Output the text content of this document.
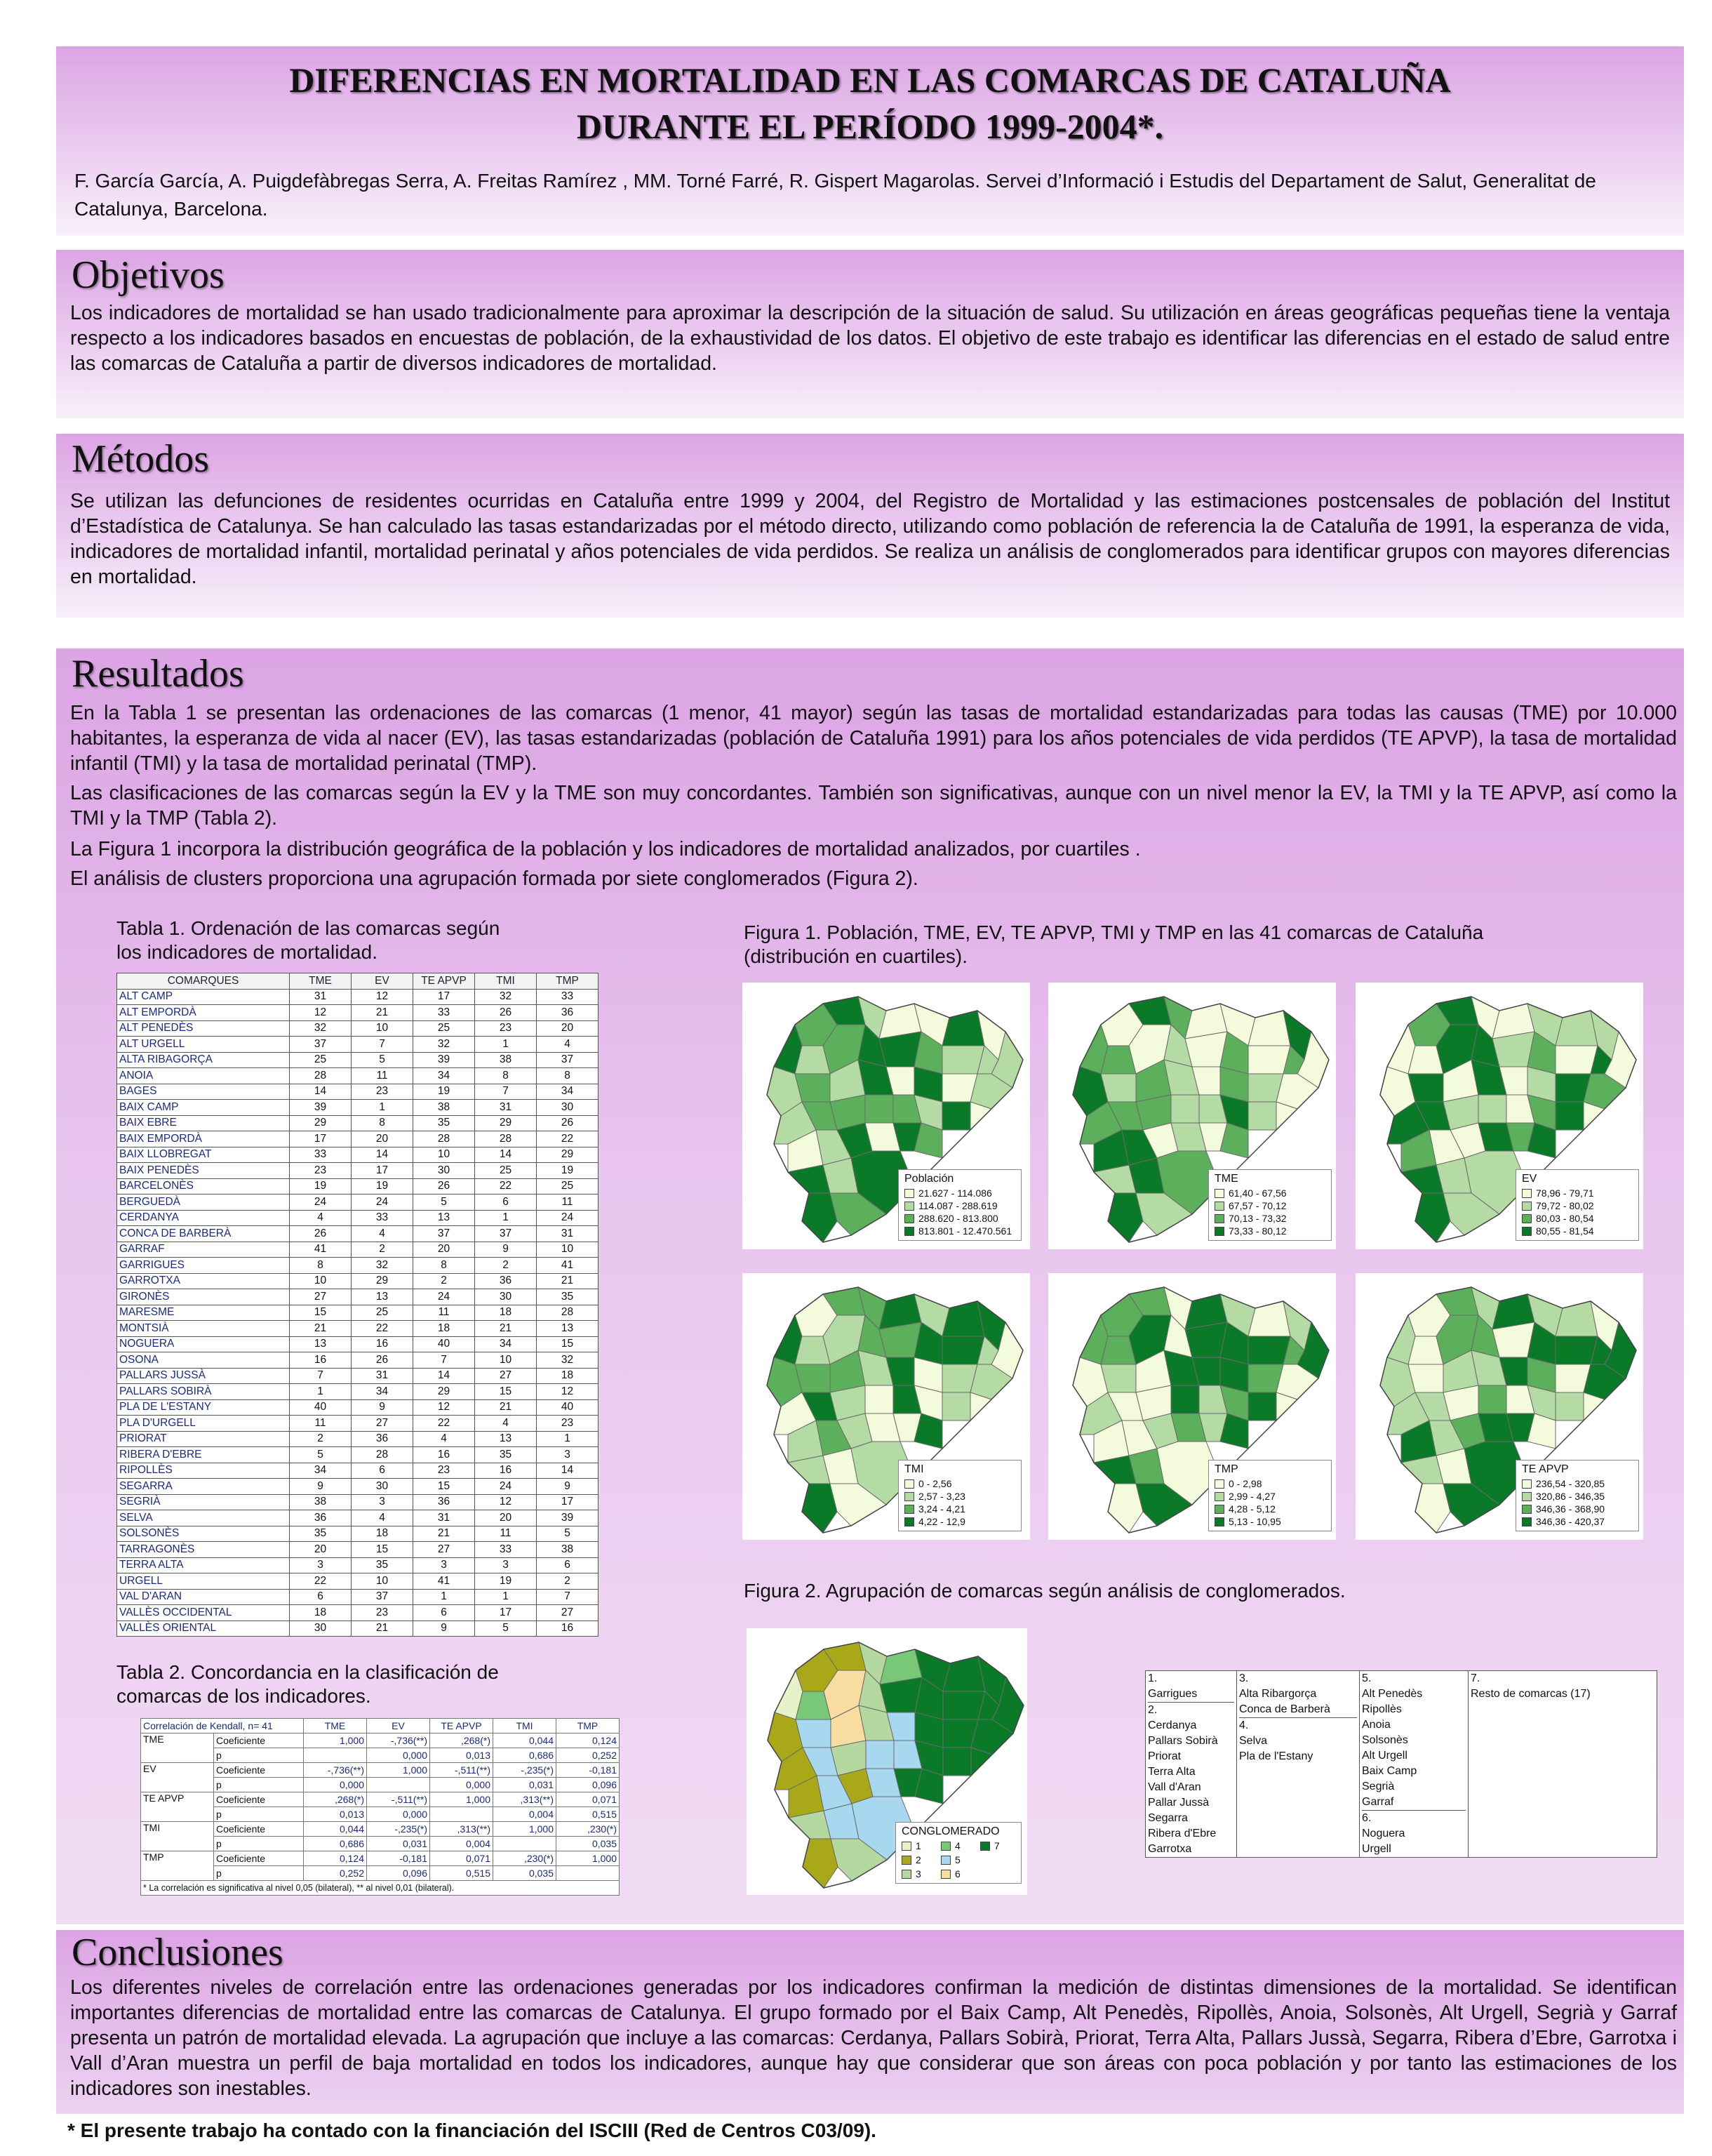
DIFERENCIAS EN MORTALIDAD EN LAS COMARCAS DE CATALUÑA
DURANTE EL PERÍODO 1999-2004*.
F. García García, A. Puigdefàbregas Serra, A. Freitas Ramírez , MM. Torné Farré, R. Gispert Magarolas. Servei d’Informació i Estudis del Departament de Salut, Generalitat de Catalunya, Barcelona.
Objetivos
Los indicadores de mortalidad se han usado tradicionalmente para aproximar la descripción de la situación de salud. Su utilización en áreas geográficas pequeñas tiene la ventaja respecto a los indicadores basados en encuestas de población, de la exhaustividad de los datos. El objetivo de este trabajo es identificar las diferencias en el estado de salud entre las comarcas de Cataluña a partir de diversos indicadores de mortalidad.
Métodos
Se utilizan las defunciones de residentes ocurridas en Cataluña entre 1999 y 2004, del Registro de Mortalidad y las estimaciones postcensales de población del Institut d’Estadística de Catalunya. Se han calculado las tasas estandarizadas por el método directo, utilizando como población de referencia la de Cataluña de 1991, la esperanza de vida, indicadores de mortalidad infantil, mortalidad perinatal y años potenciales de vida perdidos. Se realiza un análisis de conglomerados para identificar grupos con mayores diferencias en mortalidad.
Resultados
En la Tabla 1 se presentan las ordenaciones de las comarcas (1 menor, 41 mayor) según las tasas de mortalidad estandarizadas para todas las causas (TME) por 10.000 habitantes, la esperanza de vida al nacer (EV), las tasas estandarizadas (población de Cataluña 1991) para los años potenciales de vida perdidos (TE APVP), la tasa de mortalidad infantil (TMI) y la tasa de mortalidad perinatal (TMP).
Las clasificaciones de las comarcas según la EV y la TME son muy concordantes. También son significativas, aunque con un nivel menor la EV, la TMI y la TE APVP, así como la TMI y la TMP (Tabla 2).
La Figura 1 incorpora la distribución geográfica de la población y los indicadores de mortalidad analizados, por cuartiles .
El análisis de clusters proporciona una agrupación formada por siete conglomerados (Figura 2).
Tabla 1. Ordenación de las comarcas según
los indicadores de mortalidad.
Figura 1. Población, TME, EV, TE APVP, TMI y TMP en las 41 comarcas de Cataluña
(distribución en cuartiles).
Figura 2. Agrupación de comarcas según análisis de conglomerados.
Tabla 2. Concordancia en la clasificación de
comarcas de los indicadores.
COMARQUES	TME	EV	TE APVP	TMI	TMP
ALT CAMP	31	12	17	32	33
ALT EMPORDÀ	12	21	33	26	36
ALT PENEDÈS	32	10	25	23	20
ALT URGELL	37	7	32	1	4
ALTA RIBAGORÇA	25	5	39	38	37
ANOIA	28	11	34	8	8
BAGES	14	23	19	7	34
BAIX CAMP	39	1	38	31	30
BAIX EBRE	29	8	35	29	26
BAIX EMPORDÀ	17	20	28	28	22
BAIX LLOBREGAT	33	14	10	14	29
BAIX PENEDÈS	23	17	30	25	19
BARCELONÈS	19	19	26	22	25
BERGUEDÀ	24	24	5	6	11
CERDANYA	4	33	13	1	24
CONCA DE BARBERÀ	26	4	37	37	31
GARRAF	41	2	20	9	10
GARRIGUES	8	32	8	2	41
GARROTXA	10	29	2	36	21
GIRONÈS	27	13	24	30	35
MARESME	15	25	11	18	28
MONTSIÀ	21	22	18	21	13
NOGUERA	13	16	40	34	15
OSONA	16	26	7	10	32
PALLARS JUSSÀ	7	31	14	27	18
PALLARS SOBIRÀ	1	34	29	15	12
PLA DE L'ESTANY	40	9	12	21	40
PLA D'URGELL	11	27	22	4	23
PRIORAT	2	36	4	13	1
RIBERA D'EBRE	5	28	16	35	3
RIPOLLÈS	34	6	23	16	14
SEGARRA	9	30	15	24	9
SEGRIÀ	38	3	36	12	17
SELVA	36	4	31	20	39
SOLSONÈS	35	18	21	11	5
TARRAGONÈS	20	15	27	33	38
TERRA ALTA	3	35	3	3	6
URGELL	22	10	41	19	2
VAL D'ARAN	6	37	1	1	7
VALLÈS OCCIDENTAL	18	23	6	17	27
VALLÈS ORIENTAL	30	21	9	5	16
Correlación de Kendall, n= 41		TME	EV	TE APVP	TMI	TMP
TME	Coeficiente	1,000	-,736(**)	,268(*)	0,044	0,124
	p		0,000	0,013	0,686	0,252
EV	Coeficiente	-,736(**)	1,000	-,511(**)	-,235(*)	-0,181
	p	0,000		0,000	0,031	0,096
TE APVP	Coeficiente	,268(*)	-,511(**)	1,000	,313(**)	0,071
	p	0,013	0,000		0,004	0,515
TMI	Coeficiente	0,044	-,235(*)	,313(**)	1,000	,230(*)
	p	0,686	0,031	0,004		0,035
TMP	Coeficiente	0,124	-0,181	0,071	,230(*)	1,000
	p	0,252	0,096	0,515	0,035	
* La correlación es significativa al nivel 0,05 (bilateral), ** al nivel 0,01 (bilateral).						
Población
21.627 - 114.086
114.087 - 288.619
288.620 - 813.800
813.801 - 12.470.561
TME
61,40 - 67,56
67,57 - 70,12
70,13 - 73,32
73,33 - 80,12
EV
78,96 - 79,71
79,72 - 80,02
80,03 - 80,54
80,55 - 81,54
TMI
0 - 2,56
2,57 - 3,23
3,24 - 4,21
4,22 - 12,9
TMP
0 - 2,98
2,99 - 4,27
4,28 - 5,12
5,13 - 10,95
TE APVP
236,54 - 320,85
320,86 - 346,35
346,36 - 368,90
346,36 - 420,37
CONGLOMERADO
1	4	7
2	5
3	6
1.
Garrigues
2.
Cerdanya
Pallars Sobirà
Priorat
Terra Alta
Vall d'Aran
Pallar Jussà
Segarra
Ribera d'Ebre
Garrotxa

3.
Alta Ribargorça
Conca de Barberà
4.
Selva
Pla de l'Estany

5.
Alt Penedès
Ripollès
Anoia
Solsonès
Alt Urgell
Baix Camp
Segrià
Garraf
6.
Noguera
Urgell

7.
Resto de comarcas (17)
Conclusiones
Los diferentes niveles de correlación entre las ordenaciones generadas por los indicadores confirman la medición de distintas dimensiones de la mortalidad. Se identifican importantes diferencias de mortalidad entre las comarcas de Catalunya. El grupo formado por el Baix Camp, Alt Penedès, Ripollès, Anoia, Solsonès, Alt Urgell, Segrià y Garraf presenta un patrón de mortalidad elevada. La agrupación que incluye a las comarcas: Cerdanya, Pallars Sobirà, Priorat, Terra Alta, Pallars Jussà, Segarra, Ribera d’Ebre, Garrotxa i Vall d’Aran muestra un perfil de baja mortalidad en todos los indicadores, aunque hay que considerar que son áreas con poca población y por tanto las estimaciones de los indicadores son inestables.
* El presente trabajo ha contado con la financiación del ISCIII (Red de Centros C03/09).
